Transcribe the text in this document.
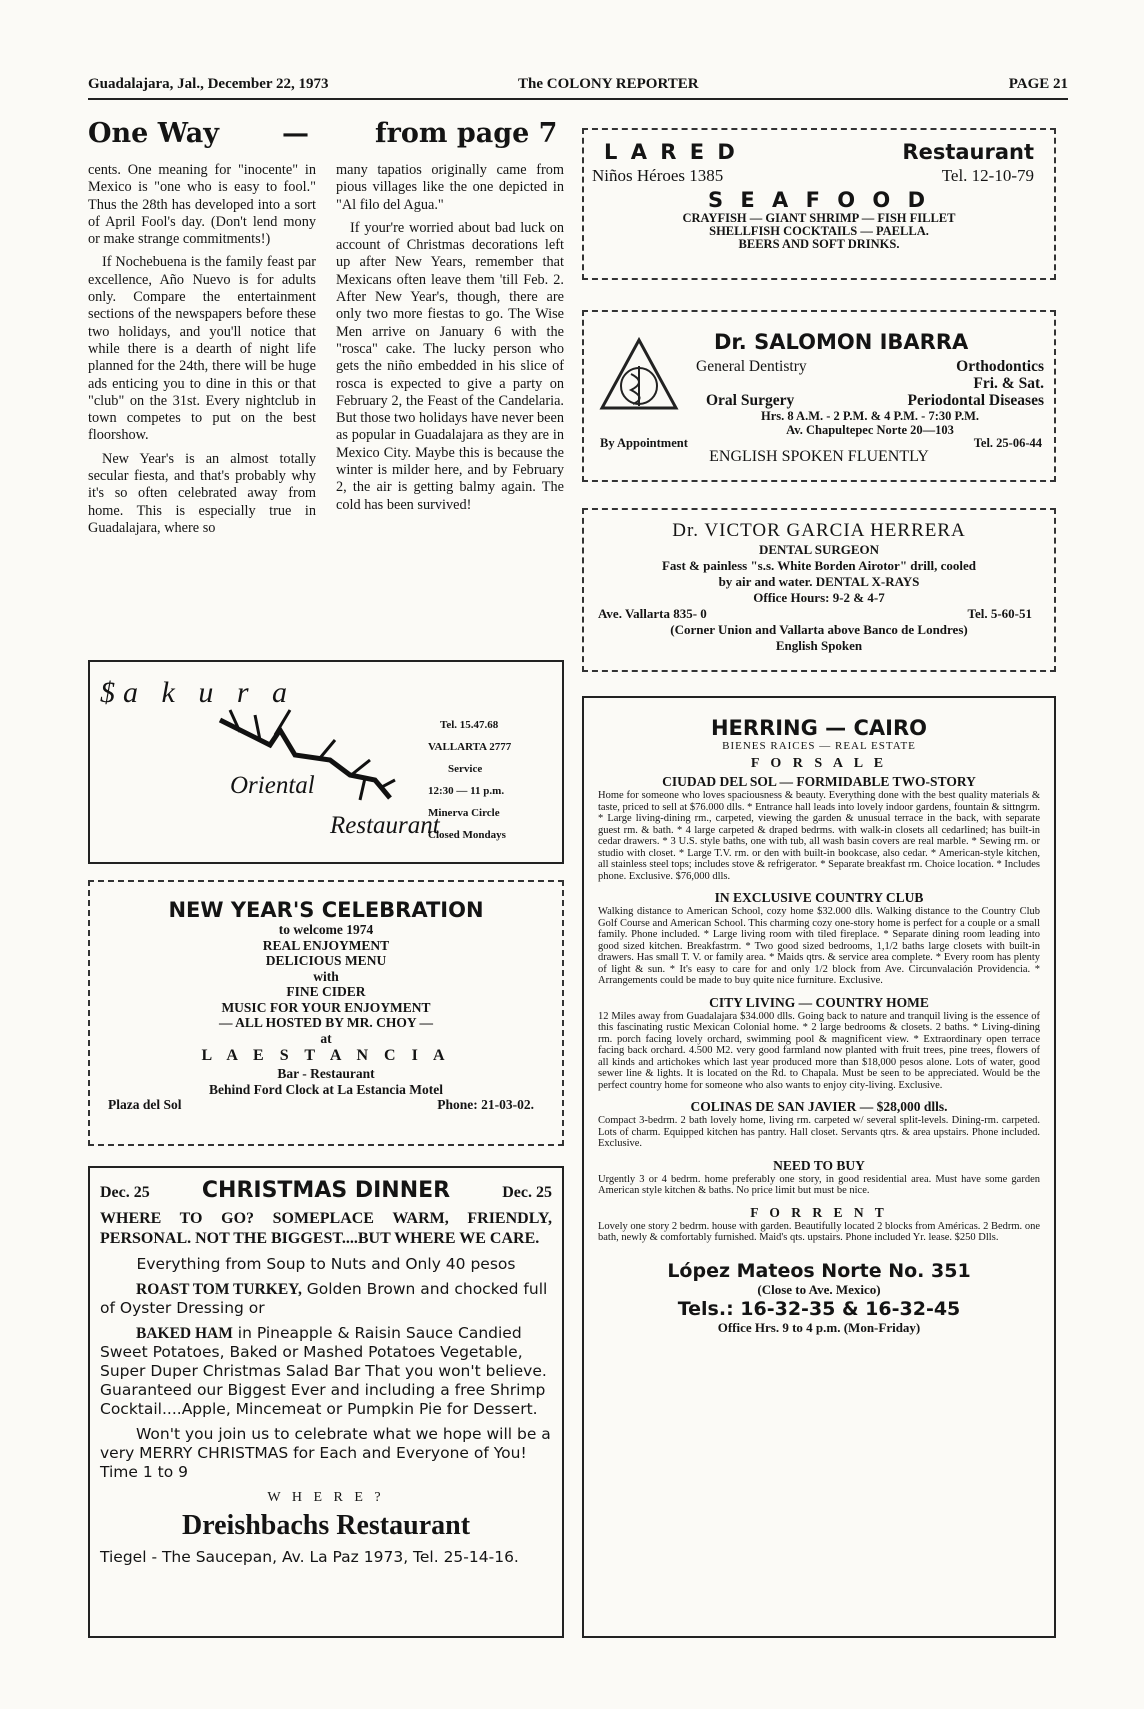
Guadalajara, Jal., December 22, 1973	The COLONY REPORTER	PAGE 21
One Way — from page 7

cents. One meaning for "inocente" in Mexico is "one who is easy to fool." Thus the 28th has developed into a sort of April Fool's day. (Don't lend mony or make strange commitments!)

If Nochebuena is the family feast par excellence, Año Nuevo is for adults only. Compare the entertainment sections of the newspapers before these two holidays, and you'll notice that while there is a dearth of night life planned for the 24th, there will be huge ads enticing you to dine in this or that "club" on the 31st. Every nightclub in town competes to put on the best floorshow.

New Year's is an almost totally secular fiesta, and that's probably why it's so often celebrated away from home. This is especially true in Guadalajara, where so

many tapatios originally came from pious villages like the one depicted in "Al filo del Agua."

If your're worried about bad luck on account of Christmas decorations left up after New Years, remember that Mexicans often leave them 'till Feb. 2. After New Year's, though, there are only two more fiestas to go. The Wise Men arrive on January 6 with the "rosca" cake. The lucky person who gets the niño embedded in his slice of rosca is expected to give a party on February 2, the Feast of the Candelaria. But those two holidays have never been as popular in Guadalajara as they are in Mexico City. Maybe this is because the winter is milder here, and by February 2, the air is getting balmy again. The cold has been survived!

L A R E D	Restaurant
Niños Héroes 1385	Tel. 12-10-79
S E A F O O D
CRAYFISH — GIANT SHRIMP — FISH FILLET
SHELLFISH COCKTAILS — PAELLA.
BEERS AND SOFT DRINKS.
Dr. SALOMON IBARRA
General Dentistry	Orthodontics
Fri. & Sat.
Oral Surgery	Periodontal Diseases
Hrs. 8 A.M. - 2 P.M. & 4 P.M. - 7:30 P.M.
Av. Chapultepec Norte 20—103
By Appointment	Tel. 25-06-44
ENGLISH SPOKEN FLUENTLY
Dr. VICTOR GARCIA HERRERA
DENTAL SURGEON
Fast & painless "s.s. White Borden Airotor" drill, cooled
by air and water. DENTAL X-RAYS
Office Hours: 9-2 & 4-7
Ave. Vallarta 835- 0	Tel. 5-60-51
(Corner Union and Vallarta above Banco de Londres)
English Spoken
$a k u r a
Oriental
Restaurant
Tel. 15.47.68
VALLARTA 2777
Service
12:30 — 11 p.m.
Minerva Circle
Closed Mondays
NEW YEAR'S CELEBRATION
to welcome 1974
REAL ENJOYMENT
DELICIOUS MENU
with
FINE CIDER
MUSIC FOR YOUR ENJOYMENT
— ALL HOSTED BY MR. CHOY —
at
L A E S T A N C I A
Bar - Restaurant
Behind Ford Clock at La Estancia Motel
Plaza del Sol	Phone: 21-03-02.
Dec. 25 CHRISTMAS DINNER	Dec. 25
WHERE TO GO? SOMEPLACE WARM, FRIENDLY, PERSONAL. NOT THE BIGGEST....BUT WHERE WE CARE.
Everything from Soup to Nuts and Only 40 pesos
ROAST TOM TURKEY, Golden Brown and chocked full of Oyster Dressing or
BAKED HAM in Pineapple & Raisin Sauce Candied Sweet Potatoes, Baked or Mashed Potatoes Vegetable, Super Duper Christmas Salad Bar That you won't believe. Guaranteed our Biggest Ever and including a free Shrimp Cocktail....Apple, Mincemeat or Pumpkin Pie for Dessert.
Won't you join us to celebrate what we hope will be a very MERRY CHRISTMAS for Each and Everyone of You! Time 1 to 9
W H E R E ?
Dreishbachs Restaurant
Tiegel - The Saucepan, Av. La Paz 1973, Tel. 25-14-16.
HERRING — CAIRO
BIENES RAICES — REAL ESTATE
F O R S A L E
CIUDAD DEL SOL — FORMIDABLE TWO-STORY
Home for someone who loves spaciousness & beauty. Everything done with the best quality materials & taste, priced to sell at $76.000 dlls. * Entrance hall leads into lovely indoor gardens, fountain & sittngrm. * Large living-dining rm., carpeted, viewing the garden & unusual terrace in the back, with separate guest rm. & bath. * 4 large carpeted & draped bedrms. with walk-in closets all cedarlined; has built-in cedar drawers. * 3 U.S. style baths, one with tub, all wash basin covers are real marble. * Sewing rm. or studio with closet. * Large T.V. rm. or den with built-in bookcase, also cedar. * American-style kitchen, all stainless steel tops; includes stove & refrigerator. * Separate breakfast rm. Choice location. * Includes phone. Exclusive. $76,000 dlls.
IN EXCLUSIVE COUNTRY CLUB
Walking distance to American School, cozy home $32.000 dlls. Walking distance to the Country Club Golf Course and American School. This charming cozy one-story home is perfect for a couple or a small family. Phone included. * Large living room with tiled fireplace. * Separate dining room leading into good sized kitchen. Breakfastrm. * Two good sized bedrooms, 1,1/2 baths large closets with built-in drawers. Has small T. V. or family area. * Maids qtrs. & service area complete. * Every room has plenty of light & sun. * It's easy to care for and only 1/2 block from Ave. Circunvalación Providencia. * Arrangements could be made to buy quite nice furniture. Exclusive.
CITY LIVING — COUNTRY HOME
12 Miles away from Guadalajara $34.000 dlls. Going back to nature and tranquil living is the essence of this fascinating rustic Mexican Colonial home. * 2 large bedrooms & closets. 2 baths. * Living-dining rm. porch facing lovely orchard, swimming pool & magnificent view. * Extraordinary open terrace facing back orchard. 4.500 M2. very good farmland now planted with fruit trees, pine trees, flowers of all kinds and artichokes which last year produced more than $18,000 pesos alone. Lots of water, good sewer line & lights. It is located on the Rd. to Chapala. Must be seen to be appreciated. Would be the perfect country home for someone who also wants to enjoy city-living. Exclusive.
COLINAS DE SAN JAVIER — $28,000 dlls.
Compact 3-bedrm. 2 bath lovely home, living rm. carpeted w/ several split-levels. Dining-rm. carpeted. Lots of charm. Equipped kitchen has pantry. Hall closet. Servants qtrs. & area upstairs. Phone included. Exclusive.
NEED TO BUY
Urgently 3 or 4 bedrm. home preferably one story, in good residential area. Must have some garden American style kitchen & baths. No price limit but must be nice.
F O R R E N T
Lovely one story 2 bedrm. house with garden. Beautifully located 2 blocks from Américas. 2 Bedrm. one bath, newly & comfortably furnished. Maid's qts. upstairs. Phone included Yr. lease. $250 Dlls.
López Mateos Norte No. 351
(Close to Ave. Mexico)
Tels.: 16-32-35 & 16-32-45
Office Hrs. 9 to 4 p.m. (Mon-Friday)
